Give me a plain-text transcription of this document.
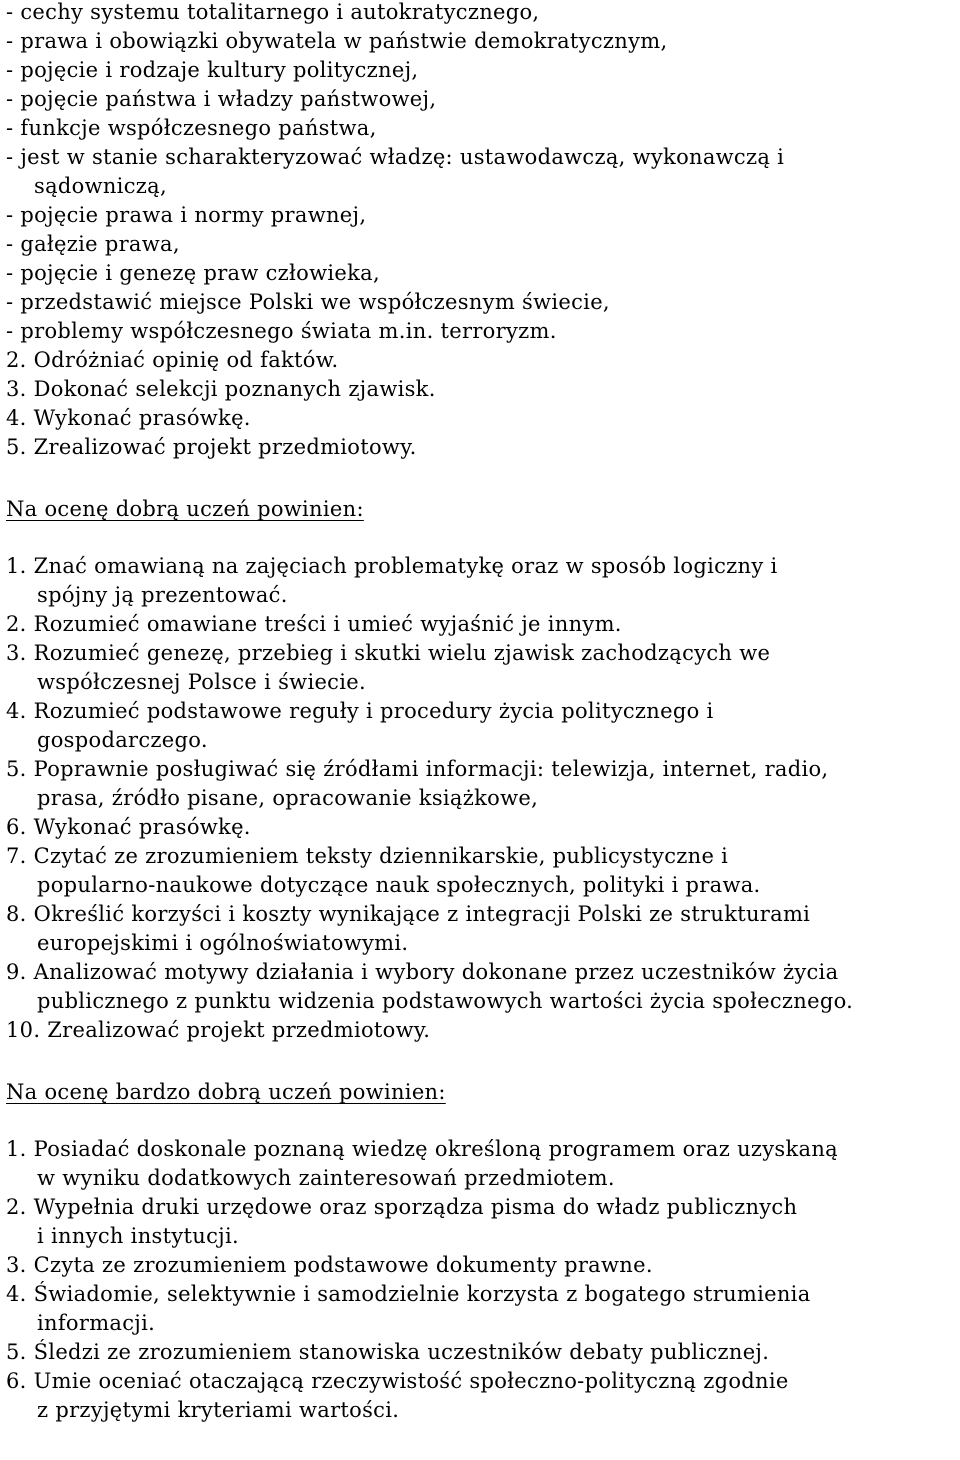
- cechy systemu totalitarnego i autokratycznego,
- prawa i obowiązki obywatela w państwie demokratycznym,
- pojęcie i rodzaje kultury politycznej,
- pojęcie państwa i władzy państwowej,
- funkcje współczesnego państwa,
- jest w stanie scharakteryzować władzę: ustawodawczą, wykonawczą i
sądowniczą,
- pojęcie prawa i normy prawnej,
- gałęzie prawa,
- pojęcie i genezę praw człowieka,
- przedstawić miejsce Polski we współczesnym świecie,
- problemy współczesnego świata m.in. terroryzm.
2. Odróżniać opinię od faktów.
3. Dokonać selekcji poznanych zjawisk.
4. Wykonać prasówkę.
5. Zrealizować projekt przedmiotowy.
Na ocenę dobrą uczeń powinien:
1. Znać omawianą na zajęciach problematykę oraz w sposób logiczny i
spójny ją prezentować.
2. Rozumieć omawiane treści i umieć wyjaśnić je innym.
3. Rozumieć genezę, przebieg i skutki wielu zjawisk zachodzących we
współczesnej Polsce i świecie.
4. Rozumieć podstawowe reguły i procedury życia politycznego i
gospodarczego.
5. Poprawnie posługiwać się źródłami informacji: telewizja, internet, radio,
prasa, źródło pisane, opracowanie książkowe,
6. Wykonać prasówkę.
7. Czytać ze zrozumieniem teksty dziennikarskie, publicystyczne i
popularno-naukowe dotyczące nauk społecznych, polityki i prawa.
8. Określić korzyści i koszty wynikające z integracji Polski ze strukturami
europejskimi i ogólnoświatowymi.
9. Analizować motywy działania i wybory dokonane przez uczestników życia
publicznego z punktu widzenia podstawowych wartości życia społecznego.
10. Zrealizować projekt przedmiotowy.
Na ocenę bardzo dobrą uczeń powinien:
1. Posiadać doskonale poznaną wiedzę określoną programem oraz uzyskaną
w wyniku dodatkowych zainteresowań przedmiotem.
2. Wypełnia druki urzędowe oraz sporządza pisma do władz publicznych
i innych instytucji.
3. Czyta ze zrozumieniem podstawowe dokumenty prawne.
4. Świadomie, selektywnie i samodzielnie korzysta z bogatego strumienia
informacji.
5. Śledzi ze zrozumieniem stanowiska uczestników debaty publicznej.
6. Umie oceniać otaczającą rzeczywistość społeczno-polityczną zgodnie
z przyjętymi kryteriami wartości.
